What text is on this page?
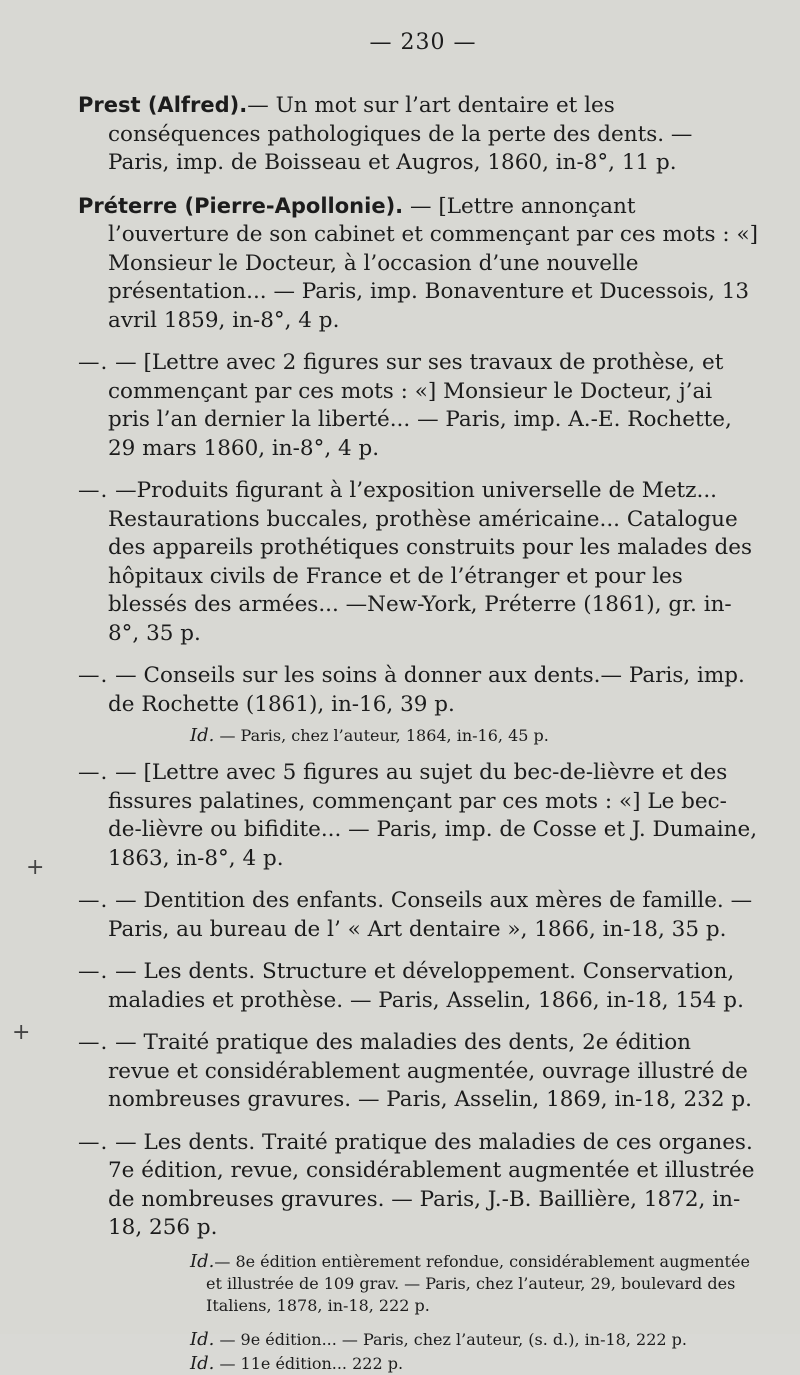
— 230 —

Prest (Alfred).— Un mot sur l’art dentaire et les conséquences pathologiques de la perte des dents. — Paris, imp. de Boisseau et Augros, 1860, in-8°, 11 p.

Préterre (Pierre-Apollonie). — [Lettre annonçant l’ouverture de son cabinet et commençant par ces mots : «] Monsieur le Docteur, à l’occasion d’une nouvelle présentation... — Paris, imp. Bonaventure et Ducessois, 13 avril 1859, in-8°, 4 p.

—. — [Lettre avec 2 figures sur ses travaux de prothèse, et commençant par ces mots : «] Monsieur le Docteur, j’ai pris l’an dernier la liberté... — Paris, imp. A.-E. Rochette, 29 mars 1860, in-8°, 4 p.

—. —Produits figurant à l’exposition universelle de Metz... Restaurations buccales, prothèse américaine... Catalogue des appareils prothétiques construits pour les malades des hôpitaux civils de France et de l’étranger et pour les blessés des armées... —New-York, Préterre (1861), gr. in-8°, 35 p.

—. — Conseils sur les soins à donner aux dents.— Paris, imp. de Rochette (1861), in-16, 39 p.

Id. — Paris, chez l’auteur, 1864, in-16, 45 p.

—. — [Lettre avec 5 figures au sujet du bec-de-lièvre et des fissures palatines, commençant par ces mots : «] Le bec-de-lièvre ou bifidite... — Paris, imp. de Cosse et J. Dumaine, 1863, in-8°, 4 p.

—. — Dentition des enfants. Conseils aux mères de famille. — Paris, au bureau de l’ « Art dentaire », 1866, in-18, 35 p.

—. — Les dents. Structure et développement. Conservation, maladies et prothèse. — Paris, Asselin, 1866, in-18, 154 p.

—. — Traité pratique des maladies des dents, 2e édition revue et considérablement augmentée, ouvrage illustré de nombreuses gravures. — Paris, Asselin, 1869, in-18, 232 p.

—. — Les dents. Traité pratique des maladies de ces organes. 7e édition, revue, considérablement augmentée et illustrée de nombreuses gravures. — Paris, J.-B. Baillière, 1872, in-18, 256 p.

Id.— 8e édition entièrement refondue, considérablement augmentée et illustrée de 109 grav. — Paris, chez l’auteur, 29, boulevard des Italiens, 1878, in-18, 222 p.

Id. — 9e édition... — Paris, chez l’auteur, (s. d.), in-18, 222 p.

Id. — 11e édition... 222 p.

+
+
